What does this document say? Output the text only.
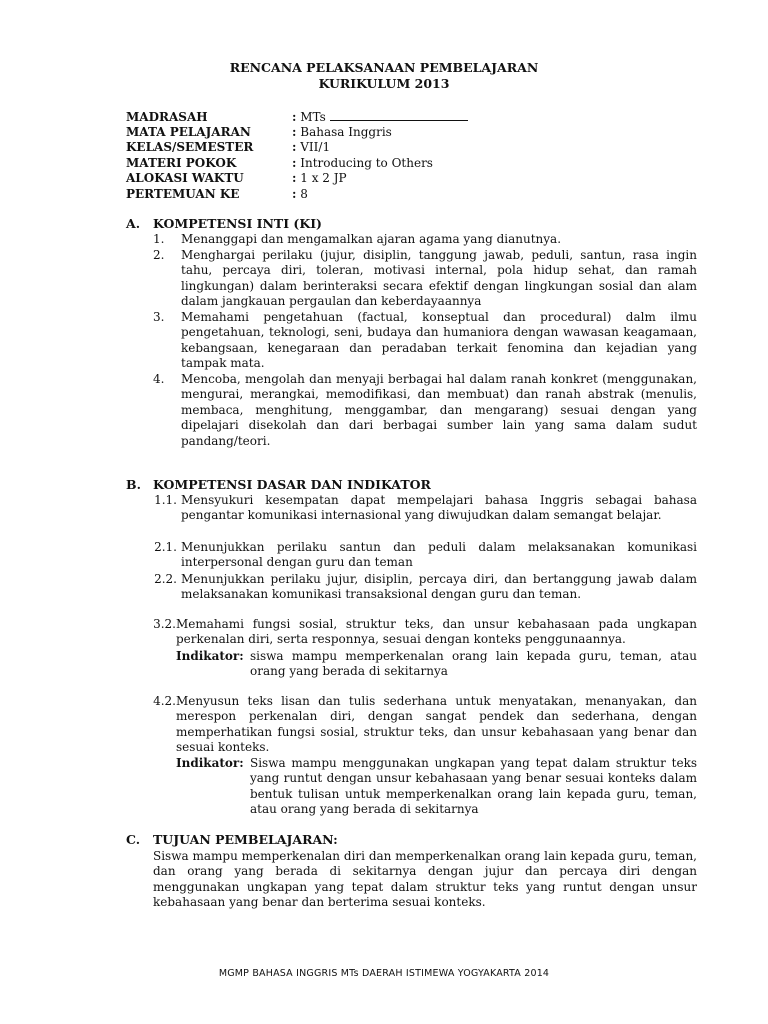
RENCANA PELAKSANAAN PEMBELAJARAN
KURIKULUM 2013
MADRASAH	: MTs
MATA PELAJARAN	: Bahasa Inggris
KELAS/SEMESTER	: VII/1
MATERI POKOK	: Introducing to Others
ALOKASI WAKTU	: 1 x 2 JP
PERTEMUAN KE	: 8
A. KOMPETENSI INTI (KI)
1. Menanggapi dan mengamalkan ajaran agama yang dianutnya.
2. Menghargai perilaku (jujur, disiplin, tanggung jawab, peduli, santun, rasa ingin tahu, percaya diri, toleran, motivasi internal, pola hidup sehat, dan ramah lingkungan) dalam berinteraksi secara efektif dengan lingkungan sosial dan alam dalam jangkauan pergaulan dan keberdayaannya
3. Memahami pengetahuan (factual, konseptual dan procedural) dalm ilmu pengetahuan, teknologi, seni, budaya dan humaniora dengan wawasan keagamaan, kebangsaan, kenegaraan dan peradaban terkait fenomina dan kejadian yang tampak mata.
4. Mencoba, mengolah dan menyaji berbagai hal dalam ranah konkret (menggunakan, mengurai, merangkai, memodifikasi, dan membuat) dan ranah abstrak (menulis, membaca, menghitung, menggambar, dan mengarang) sesuai dengan yang dipelajari disekolah dan dari berbagai sumber lain yang sama dalam sudut pandang/teori.
B. KOMPETENSI DASAR DAN INDIKATOR
1.1. Mensyukuri kesempatan dapat mempelajari bahasa Inggris sebagai bahasa pengantar komunikasi internasional yang diwujudkan dalam semangat belajar.
2.1. Menunjukkan perilaku santun dan peduli dalam melaksanakan komunikasi interpersonal dengan guru dan teman
2.2. Menunjukkan perilaku jujur, disiplin, percaya diri, dan bertanggung jawab dalam melaksanakan komunikasi transaksional dengan guru dan teman.
3.2. Memahami fungsi sosial, struktur teks, dan unsur kebahasaan pada ungkapan perkenalan diri, serta responnya, sesuai dengan konteks penggunaannya.
Indikator: siswa mampu memperkenalan orang lain kepada guru, teman, atau orang yang berada di sekitarnya
4.2. Menyusun teks lisan dan tulis sederhana untuk menyatakan, menanyakan, dan merespon perkenalan diri, dengan sangat pendek dan sederhana, dengan memperhatikan fungsi sosial, struktur teks, dan unsur kebahasaan yang benar dan sesuai konteks.
Indikator: Siswa mampu menggunakan ungkapan yang tepat dalam struktur teks yang runtut dengan unsur kebahasaan yang benar sesuai konteks dalam bentuk tulisan untuk memperkenalkan orang lain kepada guru, teman, atau orang yang berada di sekitarnya
C. TUJUAN PEMBELAJARAN:
Siswa mampu memperkenalan diri dan memperkenalkan orang lain kepada guru, teman, dan orang yang berada di sekitarnya dengan jujur dan percaya diri dengan menggunakan ungkapan yang tepat dalam struktur teks yang runtut dengan unsur kebahasaan yang benar dan berterima sesuai konteks.
MGMP BAHASA INGGRIS MTs DAERAH ISTIMEWA YOGYAKARTA 2014
